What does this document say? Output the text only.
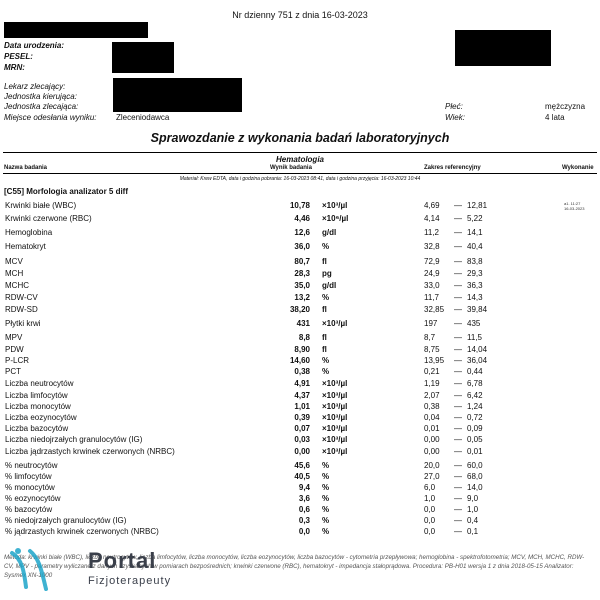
Nr dzienny 751 z dnia 16-03-2023
Data urodzenia:
PESEL:
MRN:
Lekarz zlecający:
Jednostka kierująca:
Jednostka zlecająca:
Miejsce odesłania wyniku: Zleceniodawca
Płeć:	mężczyzna
Wiek:	4 lata
Sprawozdanie z wykonania badań laboratoryjnych
Hematologia
Nazwa badania	Wynik badania	Zakres referencyjny	Wykonanie
Materiał: Krew EDTA, data i godzina pobrania: 16-03-2023 08:41, data i godzina przyjęcia: 16-03-2023 10:44
[C55] Morfologia analizator 5 diff
Krwinki białe (WBC)	10,78 ×10³/µl	4,69 — 12,81	a1. 11:27
16-03-2023
Krwinki czerwone (RBC)	4,46 ×10⁶/µl	4,14 — 5,22
Hemoglobina	12,6 g/dl	11,2 — 14,1
Hematokryt	36,0 %	32,8 — 40,4
MCV	80,7 fl	72,9 — 83,8
MCH	28,3 pg	24,9 — 29,3
MCHC	35,0 g/dl	33,0 — 36,3
RDW-CV	13,2 %	11,7 — 14,3
RDW-SD	38,20 fl	32,85 — 39,84
Płytki krwi	431 ×10³/µl	197 — 435
MPV	8,8 fl	8,7 — 11,5
PDW	8,90 fl	8,75 — 14,04
P-LCR	14,60 %	13,95 — 36,04
PCT	0,38 %	0,21 — 0,44
Liczba neutrocytów	4,91 ×10³/µl	1,19 — 6,78
Liczba limfocytów	4,37 ×10³/µl	2,07 — 6,42
Liczba monocytów	1,01 ×10³/µl	0,38 — 1,24
Liczba eozynocytów	0,39 ×10³/µl	0,04 — 0,72
Liczba bazocytów	0,07 ×10³/µl	0,01 — 0,09
Liczba niedojrzałych granulocytów (IG)	0,03 ×10³/µl	0,00 — 0,05
Liczba jądrzastych krwinek czerwonych (NRBC)	0,00 ×10³/µl	0,00 — 0,01
% neutrocytów	45,6 %	20,0 — 60,0
% limfocytów	40,5 %	27,0 — 68,0
% monocytów	9,4 %	6,0 — 14,0
% eozynocytów	3,6 %	1,0 — 9,0
% bazocytów	0,6 %	0,0 — 1,0
% niedojrzałych granulocytów (IG)	0,3 %	0,0 — 0,4
% jądrzastych krwinek czerwonych (NRBC)	0,0 %	0,0 — 0,1
Metoda: krwinki białe (WBC), liczba neutrocytów, liczba limfocytów, liczba monocytów, liczba eozynocytów, liczba bazocytów - cytometria przepływowa; hemoglobina - spektrofotometria; MCV, MCH, MCHC, RDW-CV, MPV - parametry wyliczane z danych uzyskanych w pomiarach bezpośrednich; krwinki czerwone (RBC), hematokryt - impedancja stałoprądowa. Procedura: PB-H01 wersja 1 z dnia 2018-05-15 Analizator: Sysmex XN-1000
Portal
Fizjoterapeuty
